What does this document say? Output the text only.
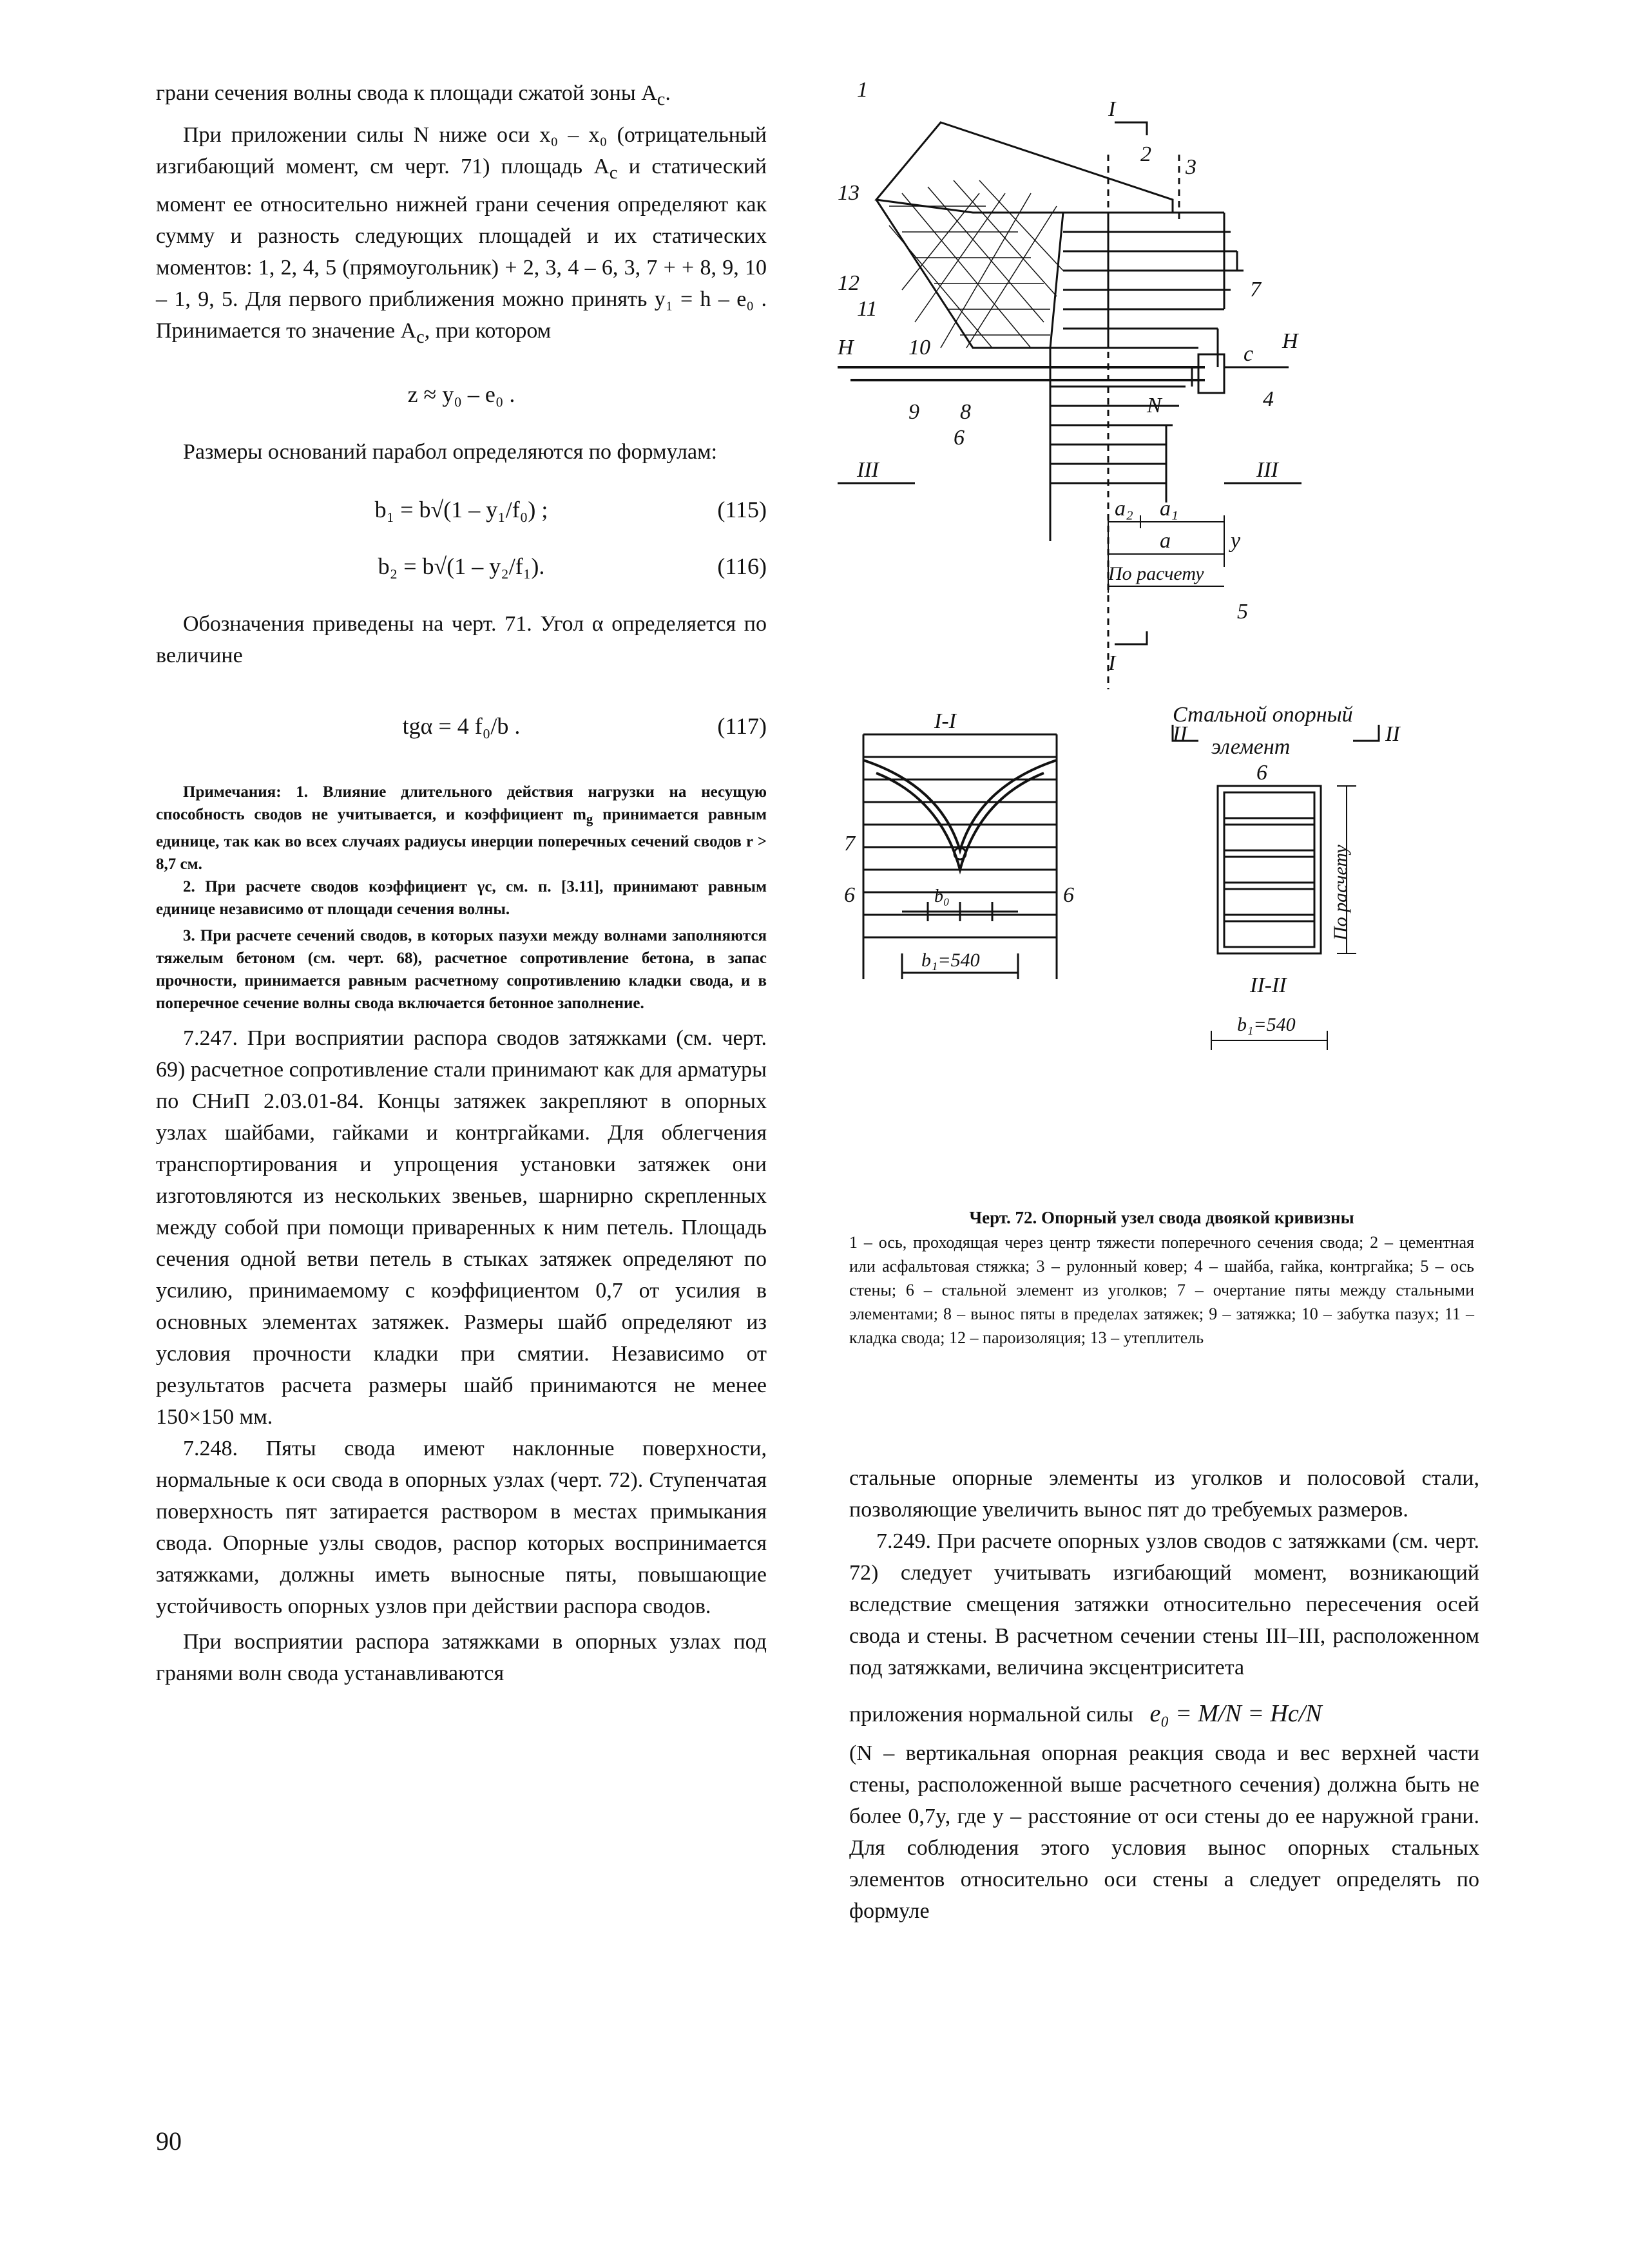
грани сечения волны свода к площади сжатой зоны $A_c$.

При приложении силы N ниже оси x₀ – x₀ (отрицательный изгибающий момент, см черт. 71) площадь $A_c$ и статический момент ее относительно нижней грани сечения определяют как сумму и разность следующих площадей и их статических моментов: 1, 2, 4, 5 (прямоугольник) + 2, 3, 4 – 6, 3, 7 + + 8, 9, 10 – 1, 9, 5. Для первого приближения можно принять y₁ = h – e₀ . Принимается то значение $A_c$, при котором

z ≈ y₀ – e₀ .

Размеры оснований парабол определяются по формулам:

b₁ = b√(1 – y₁/f₀) ;	(115)
b₂ = b√(1 – y₂/f₁).	(116)

Обозначения приведены на черт. 71. Угол α определяется по величине

tgα = 4 f₀/b .	(117)

Примечания: 1. Влияние длительного действия нагрузки на несущую способность сводов не учитывается, и коэффициент $m_g$ принимается равным единице, так как во всех случаях радиусы инерции поперечных сечений сводов r > 8,7 см.

2. При расчете сводов коэффициент γc, см. п. [3.11], принимают равным единице независимо от площади сечения волны.

3. При расчете сечений сводов, в которых пазухи между волнами заполняются тяжелым бетоном (см. черт. 68), расчетное сопротивление бетона, в запас прочности, принимается равным расчетному сопротивлению кладки свода, и в поперечное сечение волны свода включается бетонное заполнение.

7.247. При восприятии распора сводов затяжками (см. черт. 69) расчетное сопротивление стали принимают как для арматуры по СНиП 2.03.01-84. Концы затяжек закрепляют в опорных узлах шайбами, гайками и контргайками. Для облегчения транспортирования и упрощения установки затяжек они изготовляются из нескольких звеньев, шарнирно скрепленных между собой при помощи приваренных к ним петель. Площадь сечения одной ветви петель в стыках затяжек определяют по усилию, принимаемому с коэффициентом 0,7 от усилия в основных элементах затяжек. Размеры шайб определяют из условия прочности кладки при смятии. Независимо от результатов расчета размеры шайб принимаются не менее 150×150 мм.

7.248. Пяты свода имеют наклонные поверхности, нормальные к оси свода в опорных узлах (черт. 72). Ступенчатая поверхность пят затирается раствором в местах примыкания свода. Опорные узлы сводов, распор которых воспринимается затяжками, должны иметь выносные пяты, повышающие устойчивость опорных узлов при действии распора сводов.

При восприятии распора затяжками в опорных узлах под гранями волн свода устанавливаются

1
2
3
4
5
6
7
8
9
10
11
12
13
H	H
III	III
I
I
a₂ a₁
a	y
c
N
По расчету
Стальной опорный
элемент
I-I
II	II
II-II
7
6	6
6
b₀
b₁=540
b₁=540
По расчету
Черт. 72. Опорный узел свода двоякой кривизны
1 – ось, проходящая через центр тяжести поперечного сечения свода; 2 – цементная или асфальтовая стяжка; 3 – рулонный ковер; 4 – шайба, гайка, контргайка; 5 – ось стены; 6 – стальной элемент из уголков; 7 – очертание пяты между стальными элементами; 8 – вынос пяты в пределах затяжек; 9 – затяжка; 10 – забутка пазух; 11 – кладка свода; 12 – пароизоляция; 13 – утеплитель

стальные опорные элементы из уголков и полосовой стали, позволяющие увеличить вынос пят до требуемых размеров.

7.249. При расчете опорных узлов сводов с затяжками (см. черт. 72) следует учитывать изгибающий момент, возникающий вследствие смещения затяжки относительно пересечения осей свода и стены. В расчетном сечении стены III–III, расположенном под затяжками, величина эксцентриситета

приложения нормальной силы e₀ = M/N = Hc/N

(N – вертикальная опорная реакция свода и вес верхней части стены, расположенной выше расчетного сечения) должна быть не более 0,7y, где y – расстояние от оси стены до ее наружной грани. Для соблюдения этого условия вынос опорных стальных элементов относительно оси стены a следует определять по формуле

90
